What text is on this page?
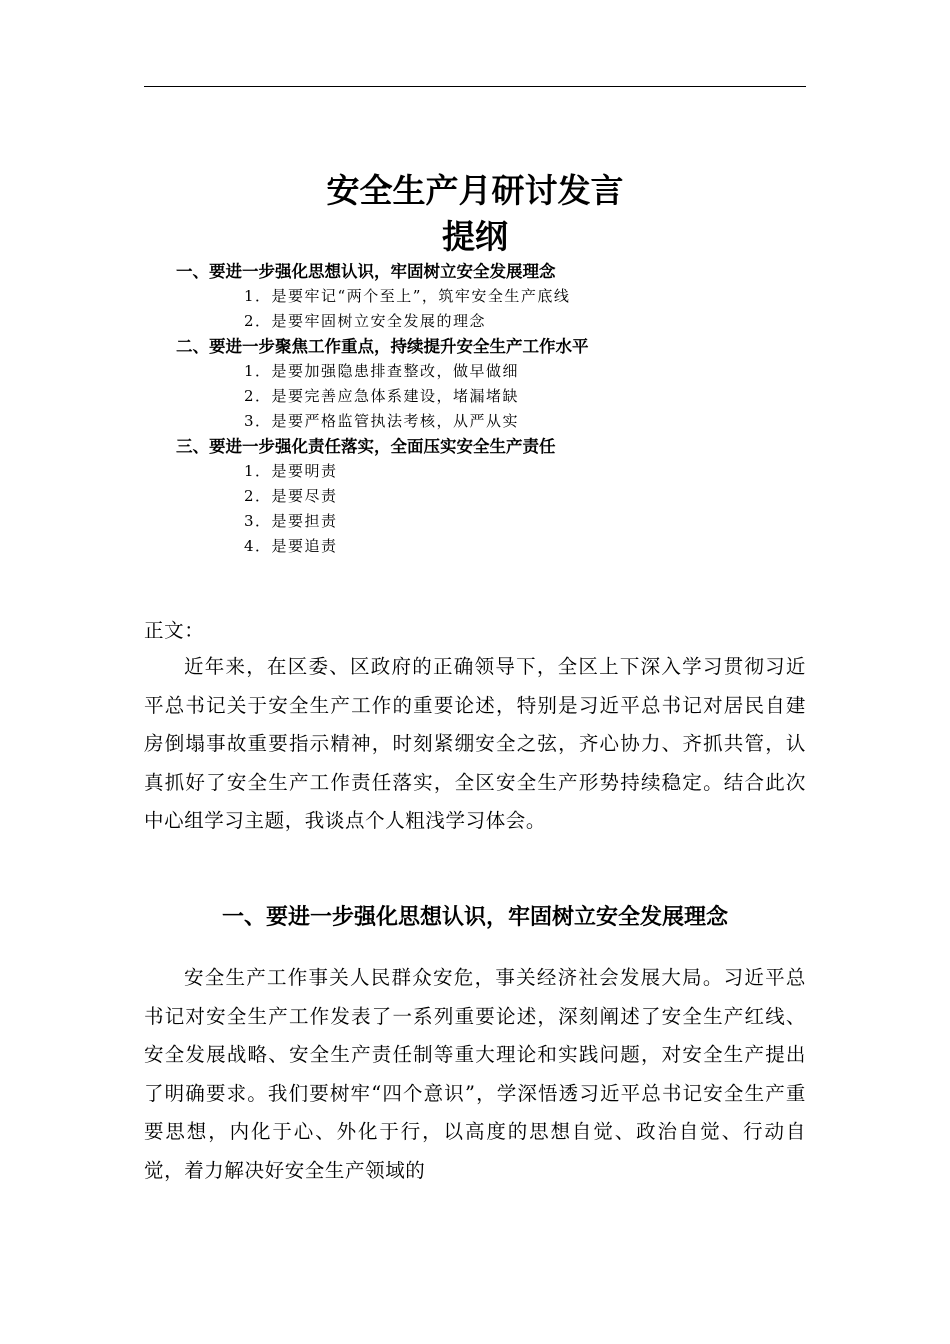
安全生产月研讨发言
提纲
一、要进一步强化思想认识，牢固树立安全发展理念
1．是要牢记“两个至上”，筑牢安全生产底线
2．是要牢固树立安全发展的理念
二、要进一步聚焦工作重点，持续提升安全生产工作水平
1．是要加强隐患排查整改，做早做细
2．是要完善应急体系建设，堵漏堵缺
3．是要严格监管执法考核，从严从实
三、要进一步强化责任落实，全面压实安全生产责任
1．是要明责
2．是要尽责
3．是要担责
4．是要追责

正文：

近年来，在区委、区政府的正确领导下，全区上下深入学习贯彻习近平总书记关于安全生产工作的重要论述，特别是习近平总书记对居民自建房倒塌事故重要指示精神，时刻紧绷安全之弦，齐心协力、齐抓共管，认真抓好了安全生产工作责任落实，全区安全生产形势持续稳定。结合此次中心组学习主题，我谈点个人粗浅学习体会。

一、要进一步强化思想认识，牢固树立安全发展理念

安全生产工作事关人民群众安危，事关经济社会发展大局。习近平总书记对安全生产工作发表了一系列重要论述，深刻阐述了安全生产红线、安全发展战略、安全生产责任制等重大理论和实践问题，对安全生产提出了明确要求。我们要树牢“四个意识”，学深悟透习近平总书记安全生产重要思想，内化于心、外化于行，以高度的思想自觉、政治自觉、行动自觉，着力解决好安全生产领域的
